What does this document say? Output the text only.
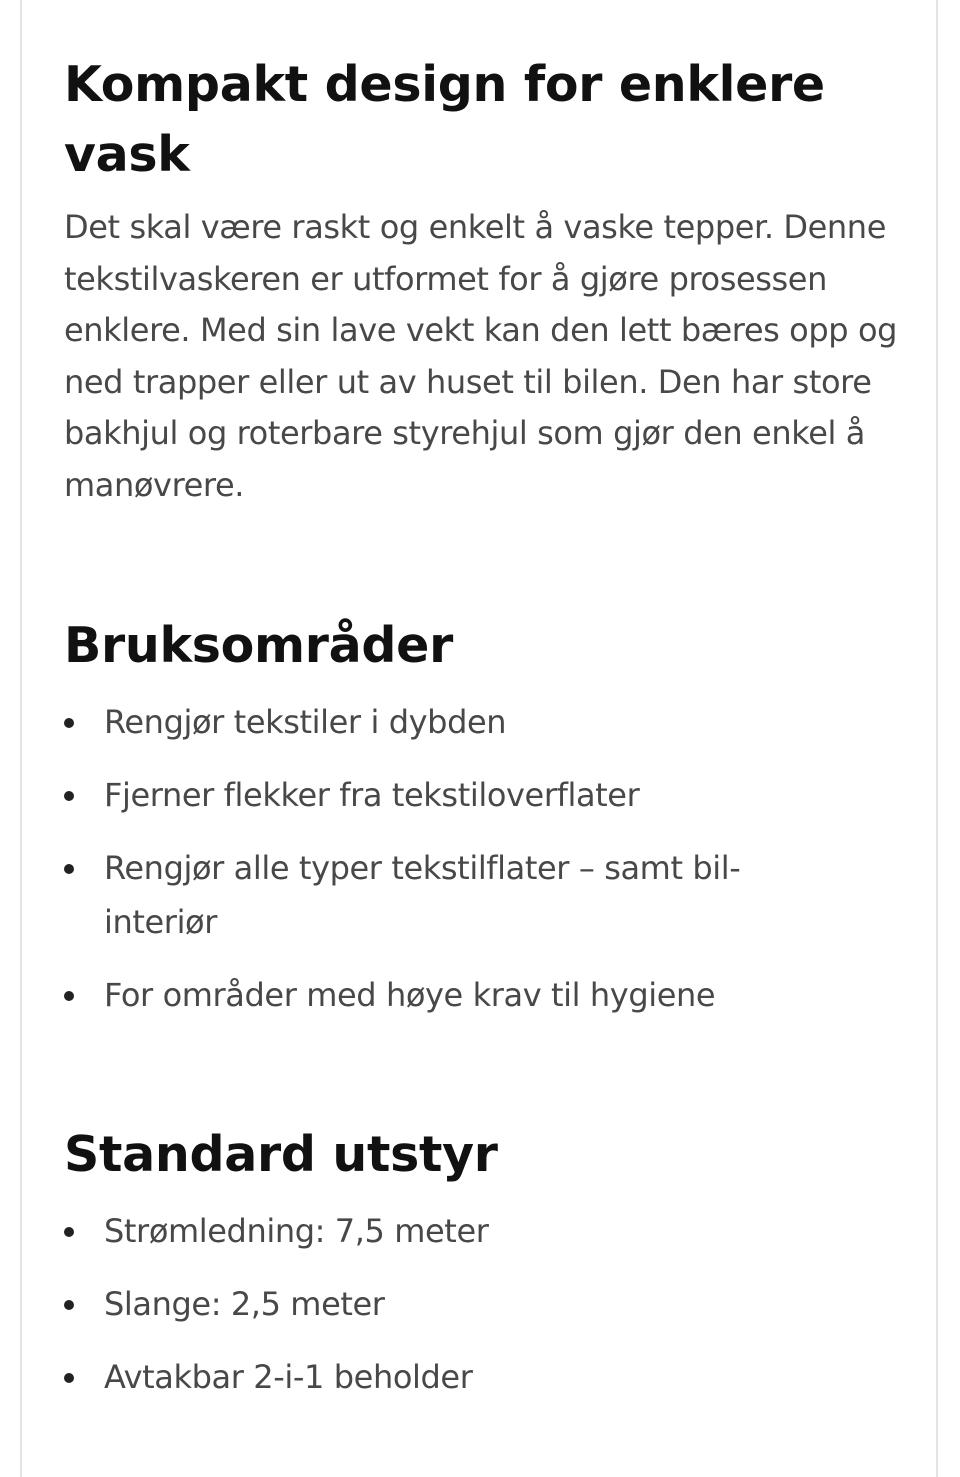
Kompakt design for enklere vask

Det skal være raskt og enkelt å vaske tepper. Denne tekstilvaskeren er utformet for å gjøre prosessen enklere. Med sin lave vekt kan den lett bæres opp og ned trapper eller ut av huset til bilen. Den har store bakhjul og roterbare styrehjul som gjør den enkel å manøvrere.

Bruksområder
Rengjør tekstiler i dybden
Fjerner flekker fra tekstiloverflater
Rengjør alle typer tekstilflater – samt bil-interiør
For områder med høye krav til hygiene
Standard utstyr
Strømledning: 7,5 meter
Slange: 2,5 meter
Avtakbar 2-i-1 beholder
